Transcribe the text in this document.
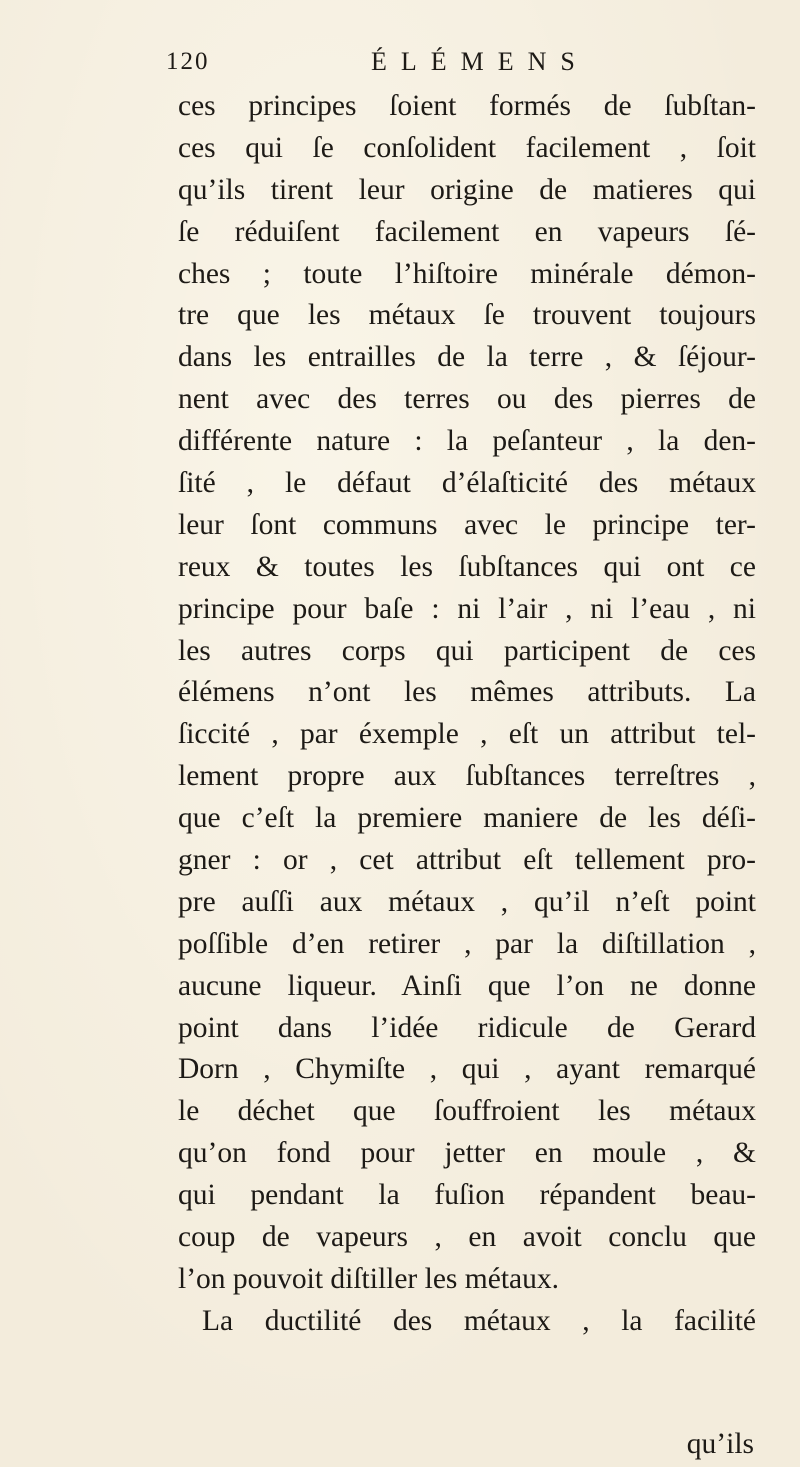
120	ÉLÉMENS
ces principes ſoient formés de ſubſtan-
ces qui ſe conſolident facilement , ſoit
qu’ils tirent leur origine de matieres qui
ſe réduiſent facilement en vapeurs ſé-
ches ; toute l’hiſtoire minérale démon-
tre que les métaux ſe trouvent toujours
dans les entrailles de la terre , & ſéjour-
nent avec des terres ou des pierres de
différente nature : la peſanteur , la den-
ſité , le défaut d’élaſticité des métaux
leur ſont communs avec le principe ter-
reux & toutes les ſubſtances qui ont ce
principe pour baſe : ni l’air , ni l’eau , ni
les autres corps qui participent de ces
élémens n’ont les mêmes attributs. La
ſiccité , par éxemple , eſt un attribut tel-
lement propre aux ſubſtances terreſtres ,
que c’eſt la premiere maniere de les déſi-
gner : or , cet attribut eſt tellement pro-
pre auſſi aux métaux , qu’il n’eſt point
poſſible d’en retirer , par la diſtillation ,
aucune liqueur. Ainſi que l’on ne donne
point dans l’idée ridicule de Gerard
Dorn , Chymiſte , qui , ayant remarqué
le déchet que ſouffroient les métaux
qu’on fond pour jetter en moule , &
qui pendant la fuſion répandent beau-
coup de vapeurs , en avoit conclu que
l’on pouvoit diſtiller les métaux.
La ductilité des métaux , la facilité
qu’ils
